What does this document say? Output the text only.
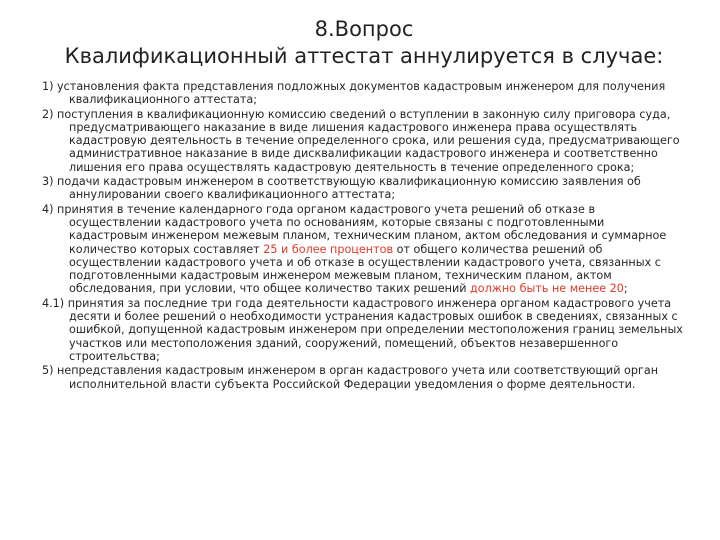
8.Вопрос
Квалификационный аттестат аннулируется в случае:
1) установления факта представления подложных документов кадастровым инженером для получения квалификационного аттестата;
2) поступления в квалификационную комиссию сведений о вступлении в законную силу приговора суда, предусматривающего наказание в виде лишения кадастрового инженера права осуществлять кадастровую деятельность в течение определенного срока, или решения суда, предусматривающего административное наказание в виде дисквалификации кадастрового инженера и соответственно лишения его права осуществлять кадастровую деятельность в течение определенного срока;
3) подачи кадастровым инженером в соответствующую квалификационную комиссию заявления об аннулировании своего квалификационного аттестата;
4) принятия в течение календарного года органом кадастрового учета решений об отказе в осуществлении кадастрового учета по основаниям, которые связаны с подготовленными кадастровым инженером межевым планом, техническим планом, актом обследования и суммарное количество которых составляет 25 и более процентов от общего количества решений об осуществлении кадастрового учета и об отказе в осуществлении кадастрового учета, связанных с подготовленными кадастровым инженером межевым планом, техническим планом, актом обследования, при условии, что общее количество таких решений должно быть не менее 20;
4.1) принятия за последние три года деятельности кадастрового инженера органом кадастрового учета десяти и более решений о необходимости устранения кадастровых ошибок в сведениях, связанных с ошибкой, допущенной кадастровым инженером при определении местоположения границ земельных участков или местоположения зданий, сооружений, помещений, объектов незавершенного строительства;
5) непредставления кадастровым инженером в орган кадастрового учета или соответствующий орган исполнительной власти субъекта Российской Федерации уведомления о форме деятельности.
